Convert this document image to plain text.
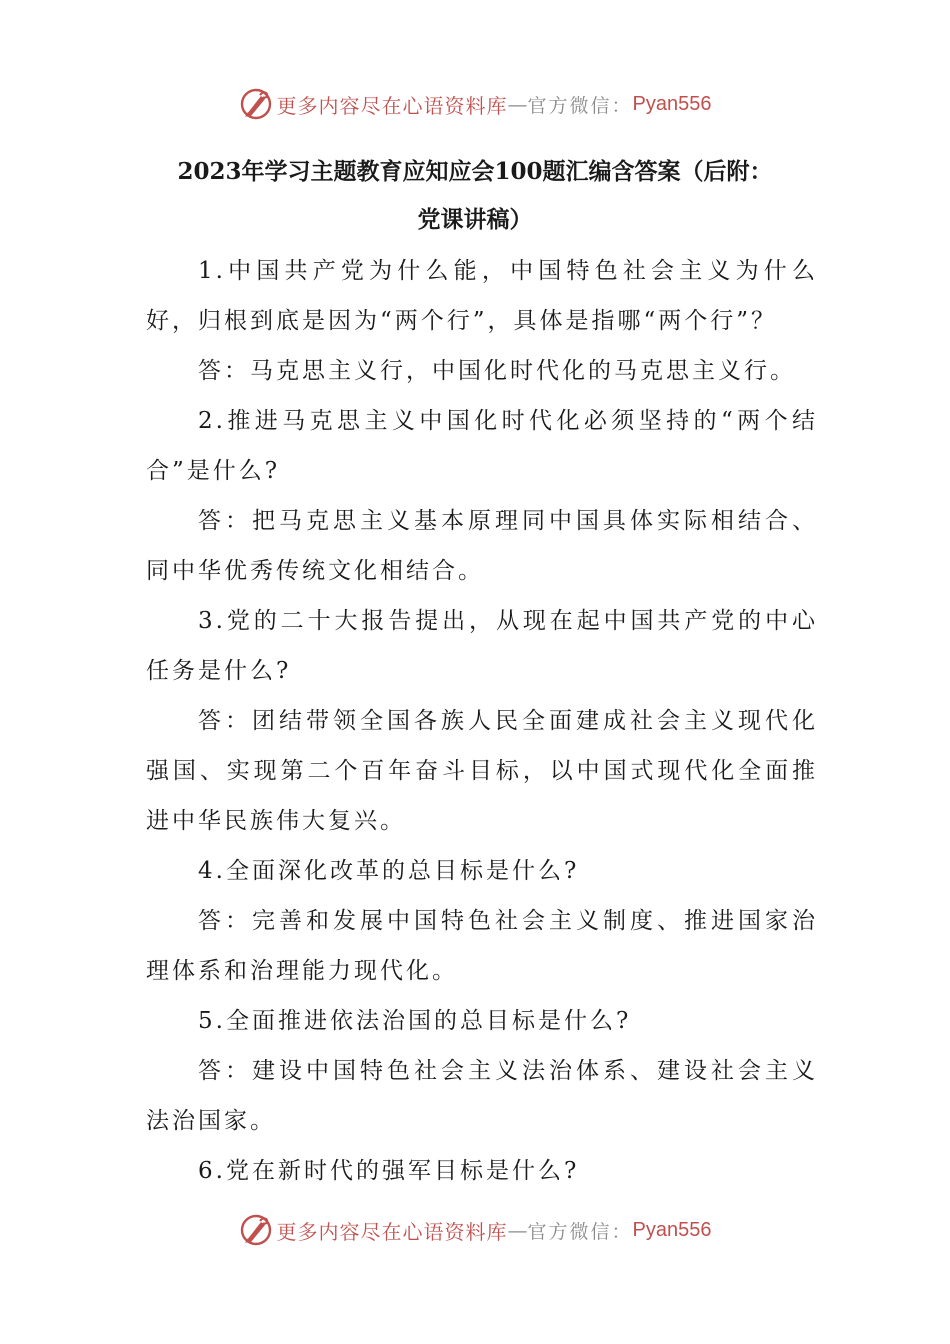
更多内容尽在心语资料库 — 官方微信： Pyan556
2023年学习主题教育应知应会100题汇编含答案（后附：
党课讲稿）

1.中国共产党为什么能，中国特色社会主义为什么好，归根到底是因为“两个行”，具体是指哪“两个行”？

答：马克思主义行，中国化时代化的马克思主义行。

2.推进马克思主义中国化时代化必须坚持的“两个结合”是什么?

答：把马克思主义基本原理同中国具体实际相结合、同中华优秀传统文化相结合。

3.党的二十大报告提出，从现在起中国共产党的中心任务是什么?

答：团结带领全国各族人民全面建成社会主义现代化强国、实现第二个百年奋斗目标，以中国式现代化全面推进中华民族伟大复兴。

4.全面深化改革的总目标是什么?

答：完善和发展中国特色社会主义制度、推进国家治理体系和治理能力现代化。

5.全面推进依法治国的总目标是什么?

答：建设中国特色社会主义法治体系、建设社会主义法治国家。

6.党在新时代的强军目标是什么?

更多内容尽在心语资料库 — 官方微信： Pyan556
